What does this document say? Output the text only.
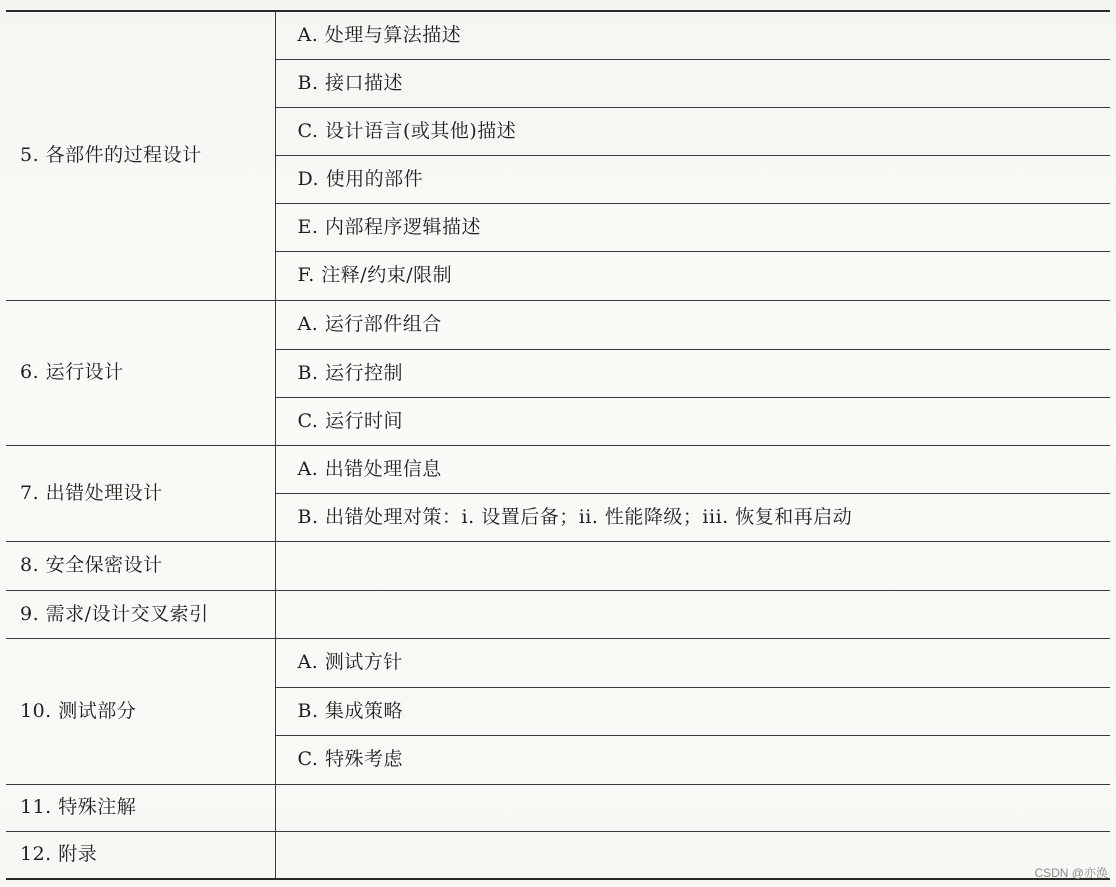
5. 各部件的过程设计	A. 处理与算法描述
	B. 接口描述
	C. 设计语言(或其他)描述
	D. 使用的部件
	E. 内部程序逻辑描述
	F. 注释/约束/限制
6. 运行设计	A. 运行部件组合
	B. 运行控制
	C. 运行时间
7. 出错处理设计	A. 出错处理信息
	B. 出错处理对策：i. 设置后备；ii. 性能降级；iii. 恢复和再启动
8. 安全保密设计	
9. 需求/设计交叉索引	
10. 测试部分	A. 测试方针
	B. 集成策略
	C. 特殊考虑
11. 特殊注解	
12. 附录	
CSDN @亦涣
